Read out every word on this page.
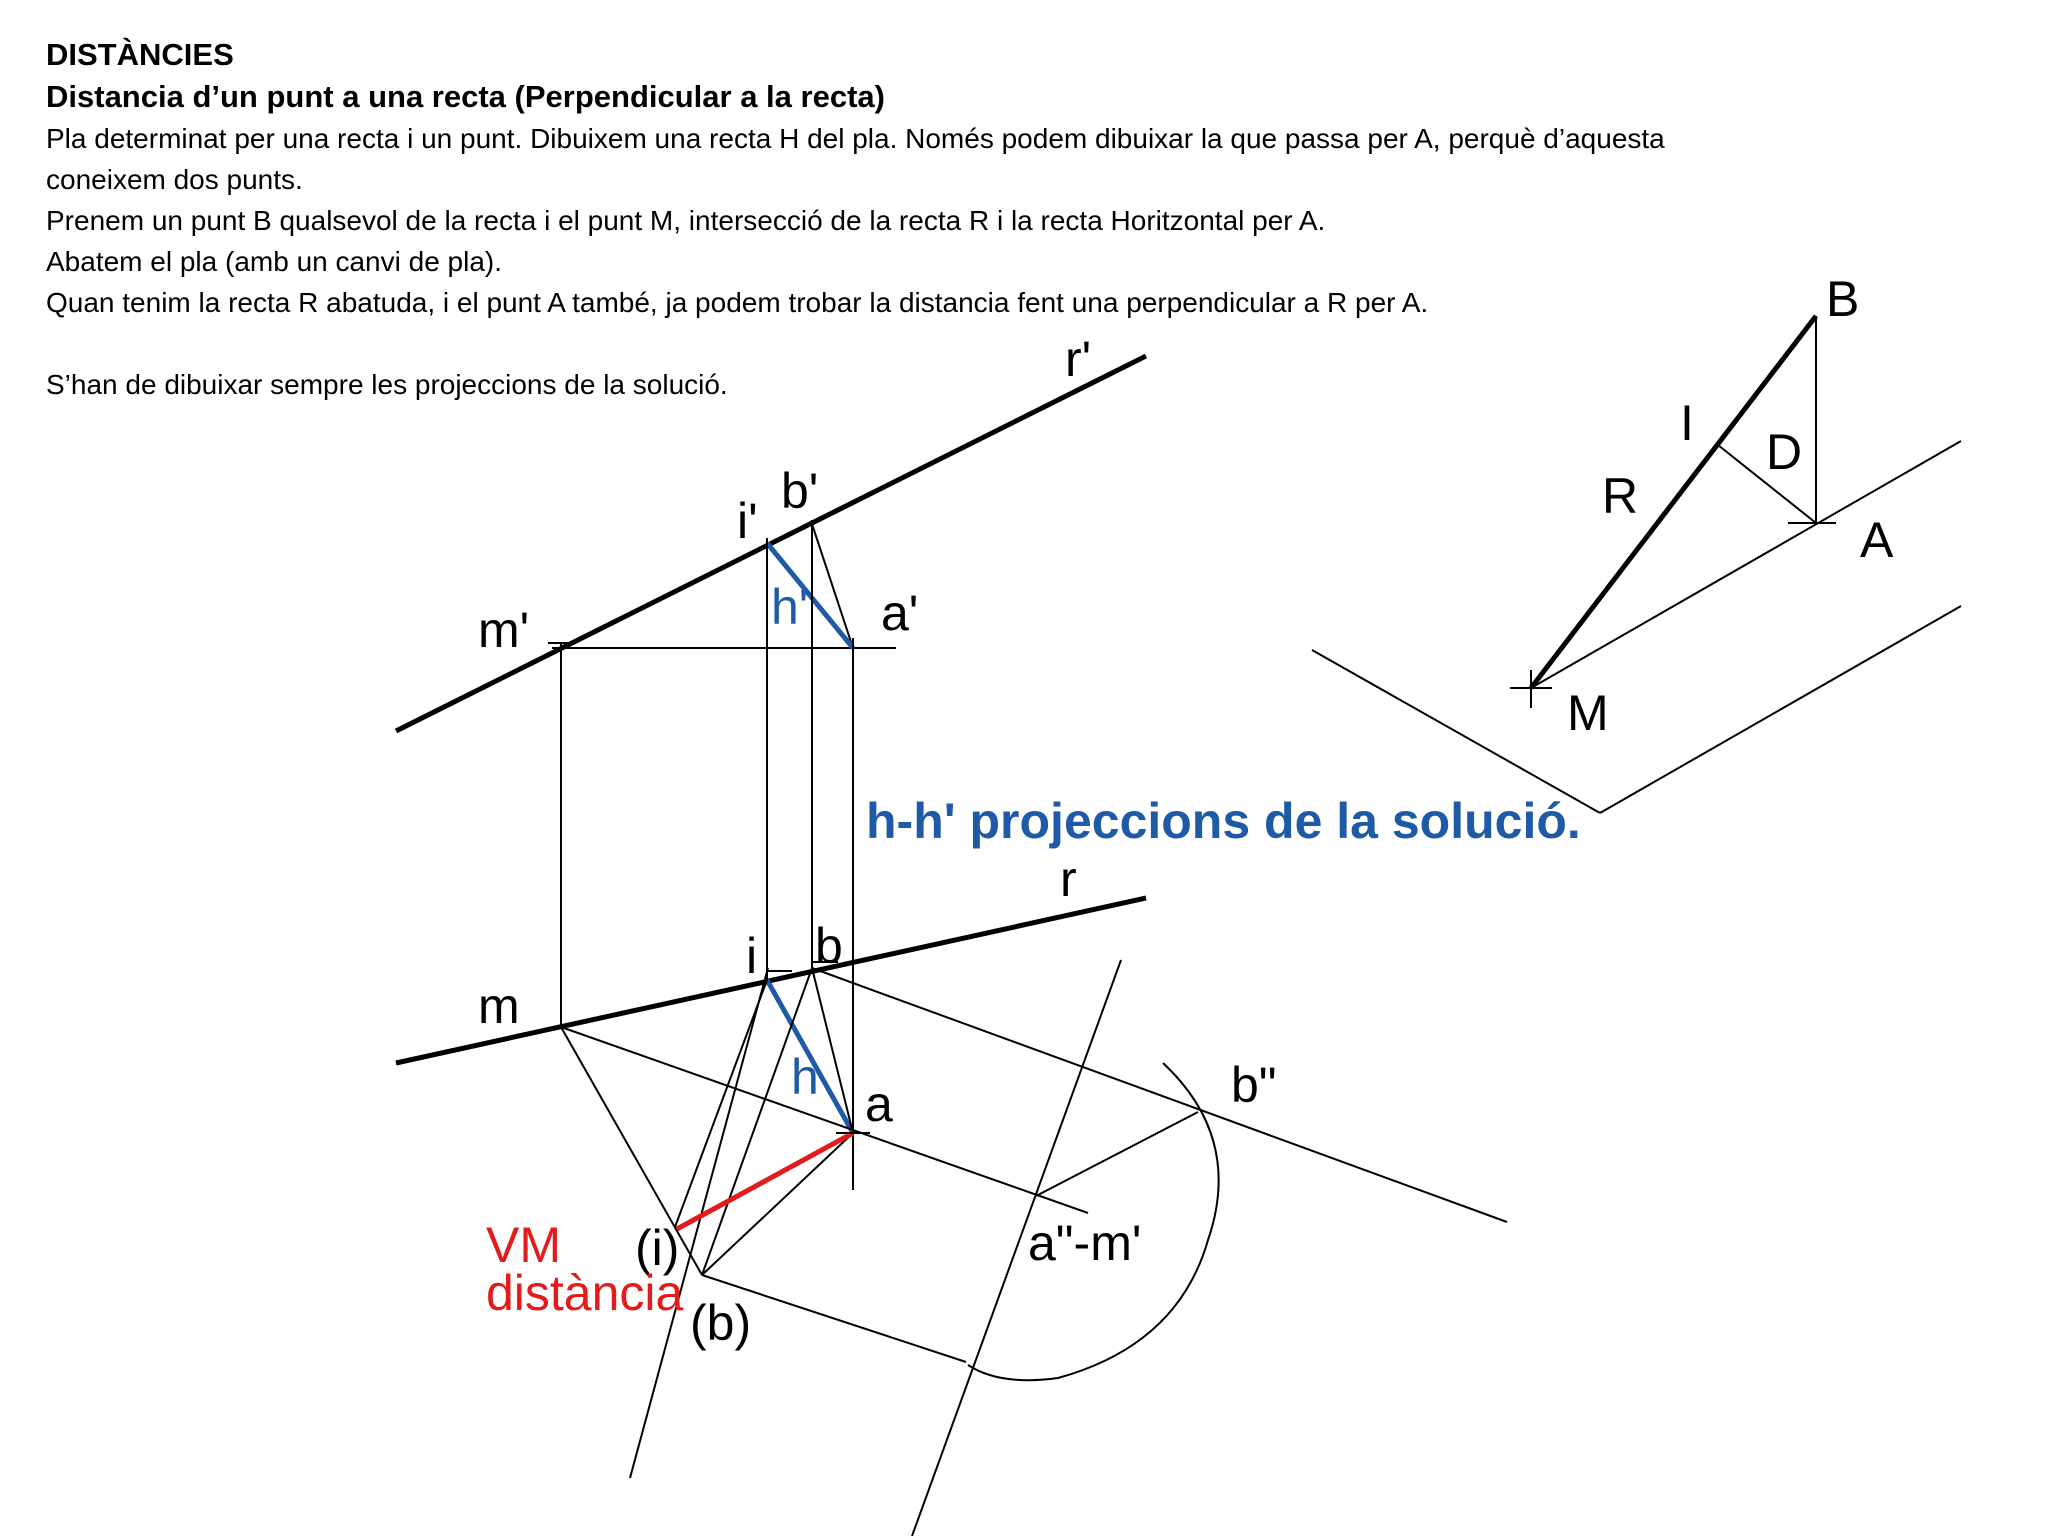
DISTÀNCIES
Distancia d’un punt a una recta (Perpendicular a la recta)
Pla determinat per una recta i un punt. Dibuixem una recta H del pla. Només podem dibuixar la que passa per A, perquè d’aquesta
coneixem dos punts.
Prenem un punt B qualsevol de la recta i el punt M, intersecció de la recta R i la recta Horitzontal per A.
Abatem el pla (amb un canvi de pla).
Quan tenim la recta R abatuda, i el punt A també, ja podem trobar la distancia fent una perpendicular a R per A.
S’han de dibuixar sempre les projeccions de la solució.	r'
b'
i'
h' a'
m'
h-h' projeccions de la solució.
r
b
i
m
h a	b"
a"-m'
(i)
(b)
VM
distància
B
I
D
R
A
M
